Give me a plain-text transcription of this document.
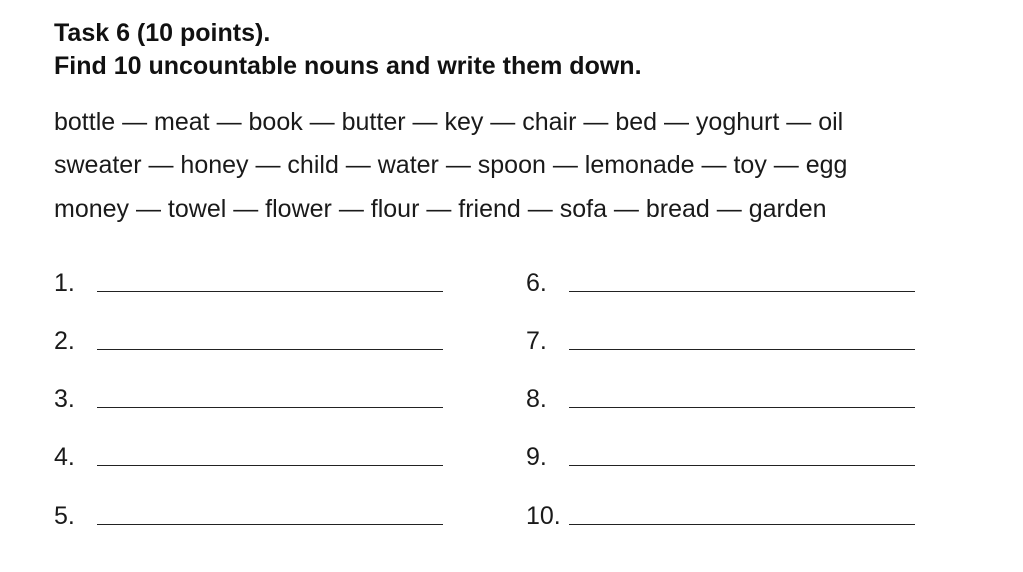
Task 6 (10 points).
Find 10 uncountable nouns and write them down.
bottle — meat — book — butter — key — chair — bed — yoghurt — oil
sweater — honey — child — water — spoon — lemonade — toy — egg
money — towel — flower — flour — friend — sofa — bread — garden
1.
2.
3.
4.
5.
6.
7.
8.
9.
10.
